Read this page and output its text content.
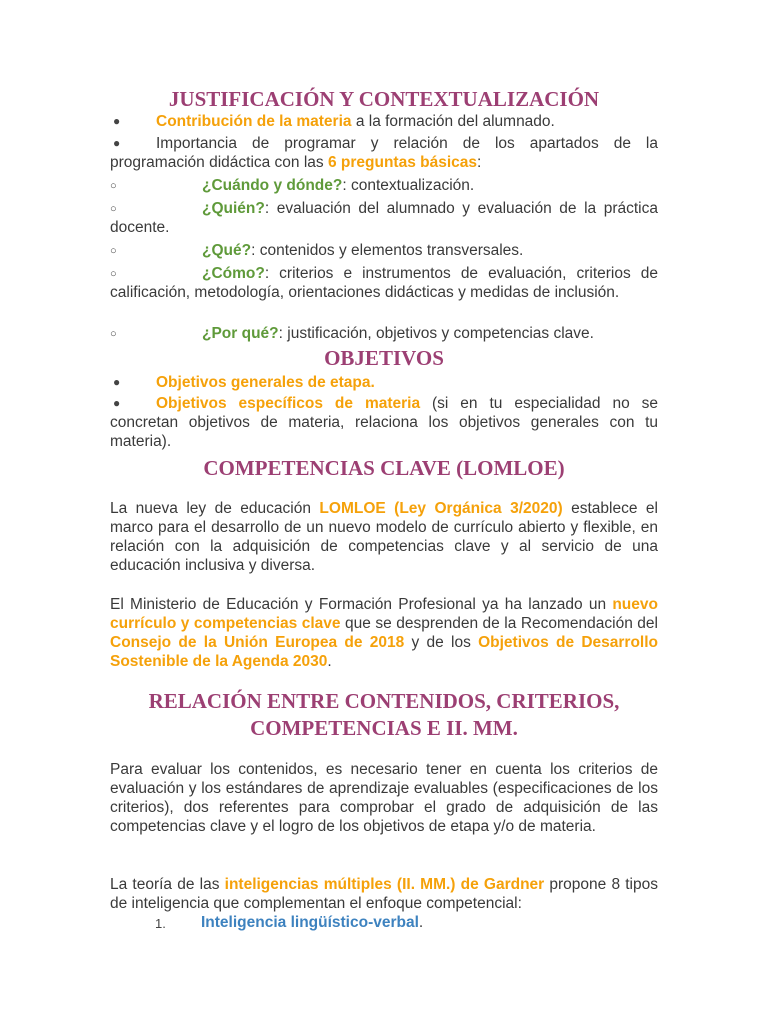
JUSTIFICACIÓN Y CONTEXTUALIZACIÓN
●	Contribución de la materia a la formación del alumnado.
●	Importancia de programar y relación de los apartados de la programación didáctica con las 6 preguntas básicas:
○	¿Cuándo y dónde?: contextualización.
○	¿Quién?: evaluación del alumnado y evaluación de la práctica docente.
○	¿Qué?: contenidos y elementos transversales.
○	¿Cómo?: criterios e instrumentos de evaluación, criterios de calificación, metodología, orientaciones didácticas y medidas de inclusión.
○	¿Por qué?: justificación, objetivos y competencias clave.
OBJETIVOS
●	Objetivos generales de etapa.
●	Objetivos específicos de materia (si en tu especialidad no se concretan objetivos de materia, relaciona los objetivos generales con tu materia).
COMPETENCIAS CLAVE (LOMLOE)
La nueva ley de educación LOMLOE (Ley Orgánica 3/2020) establece el marco para el desarrollo de un nuevo modelo de currículo abierto y flexible, en relación con la adquisición de competencias clave y al servicio de una educación inclusiva y diversa.
El Ministerio de Educación y Formación Profesional ya ha lanzado un nuevo currículo y competencias clave que se desprenden de la Recomendación del Consejo de la Unión Europea de 2018 y de los Objetivos de Desarrollo Sostenible de la Agenda 2030.
RELACIÓN ENTRE CONTENIDOS, CRITERIOS,
COMPETENCIAS E II. MM.
Para evaluar los contenidos, es necesario tener en cuenta los criterios de evaluación y los estándares de aprendizaje evaluables (especificaciones de los criterios), dos referentes para comprobar el grado de adquisición de las competencias clave y el logro de los objetivos de etapa y/o de materia.
La teoría de las inteligencias múltiples (II. MM.) de Gardner propone 8 tipos de inteligencia que complementan el enfoque competencial:
1. Inteligencia lingüístico-verbal.
